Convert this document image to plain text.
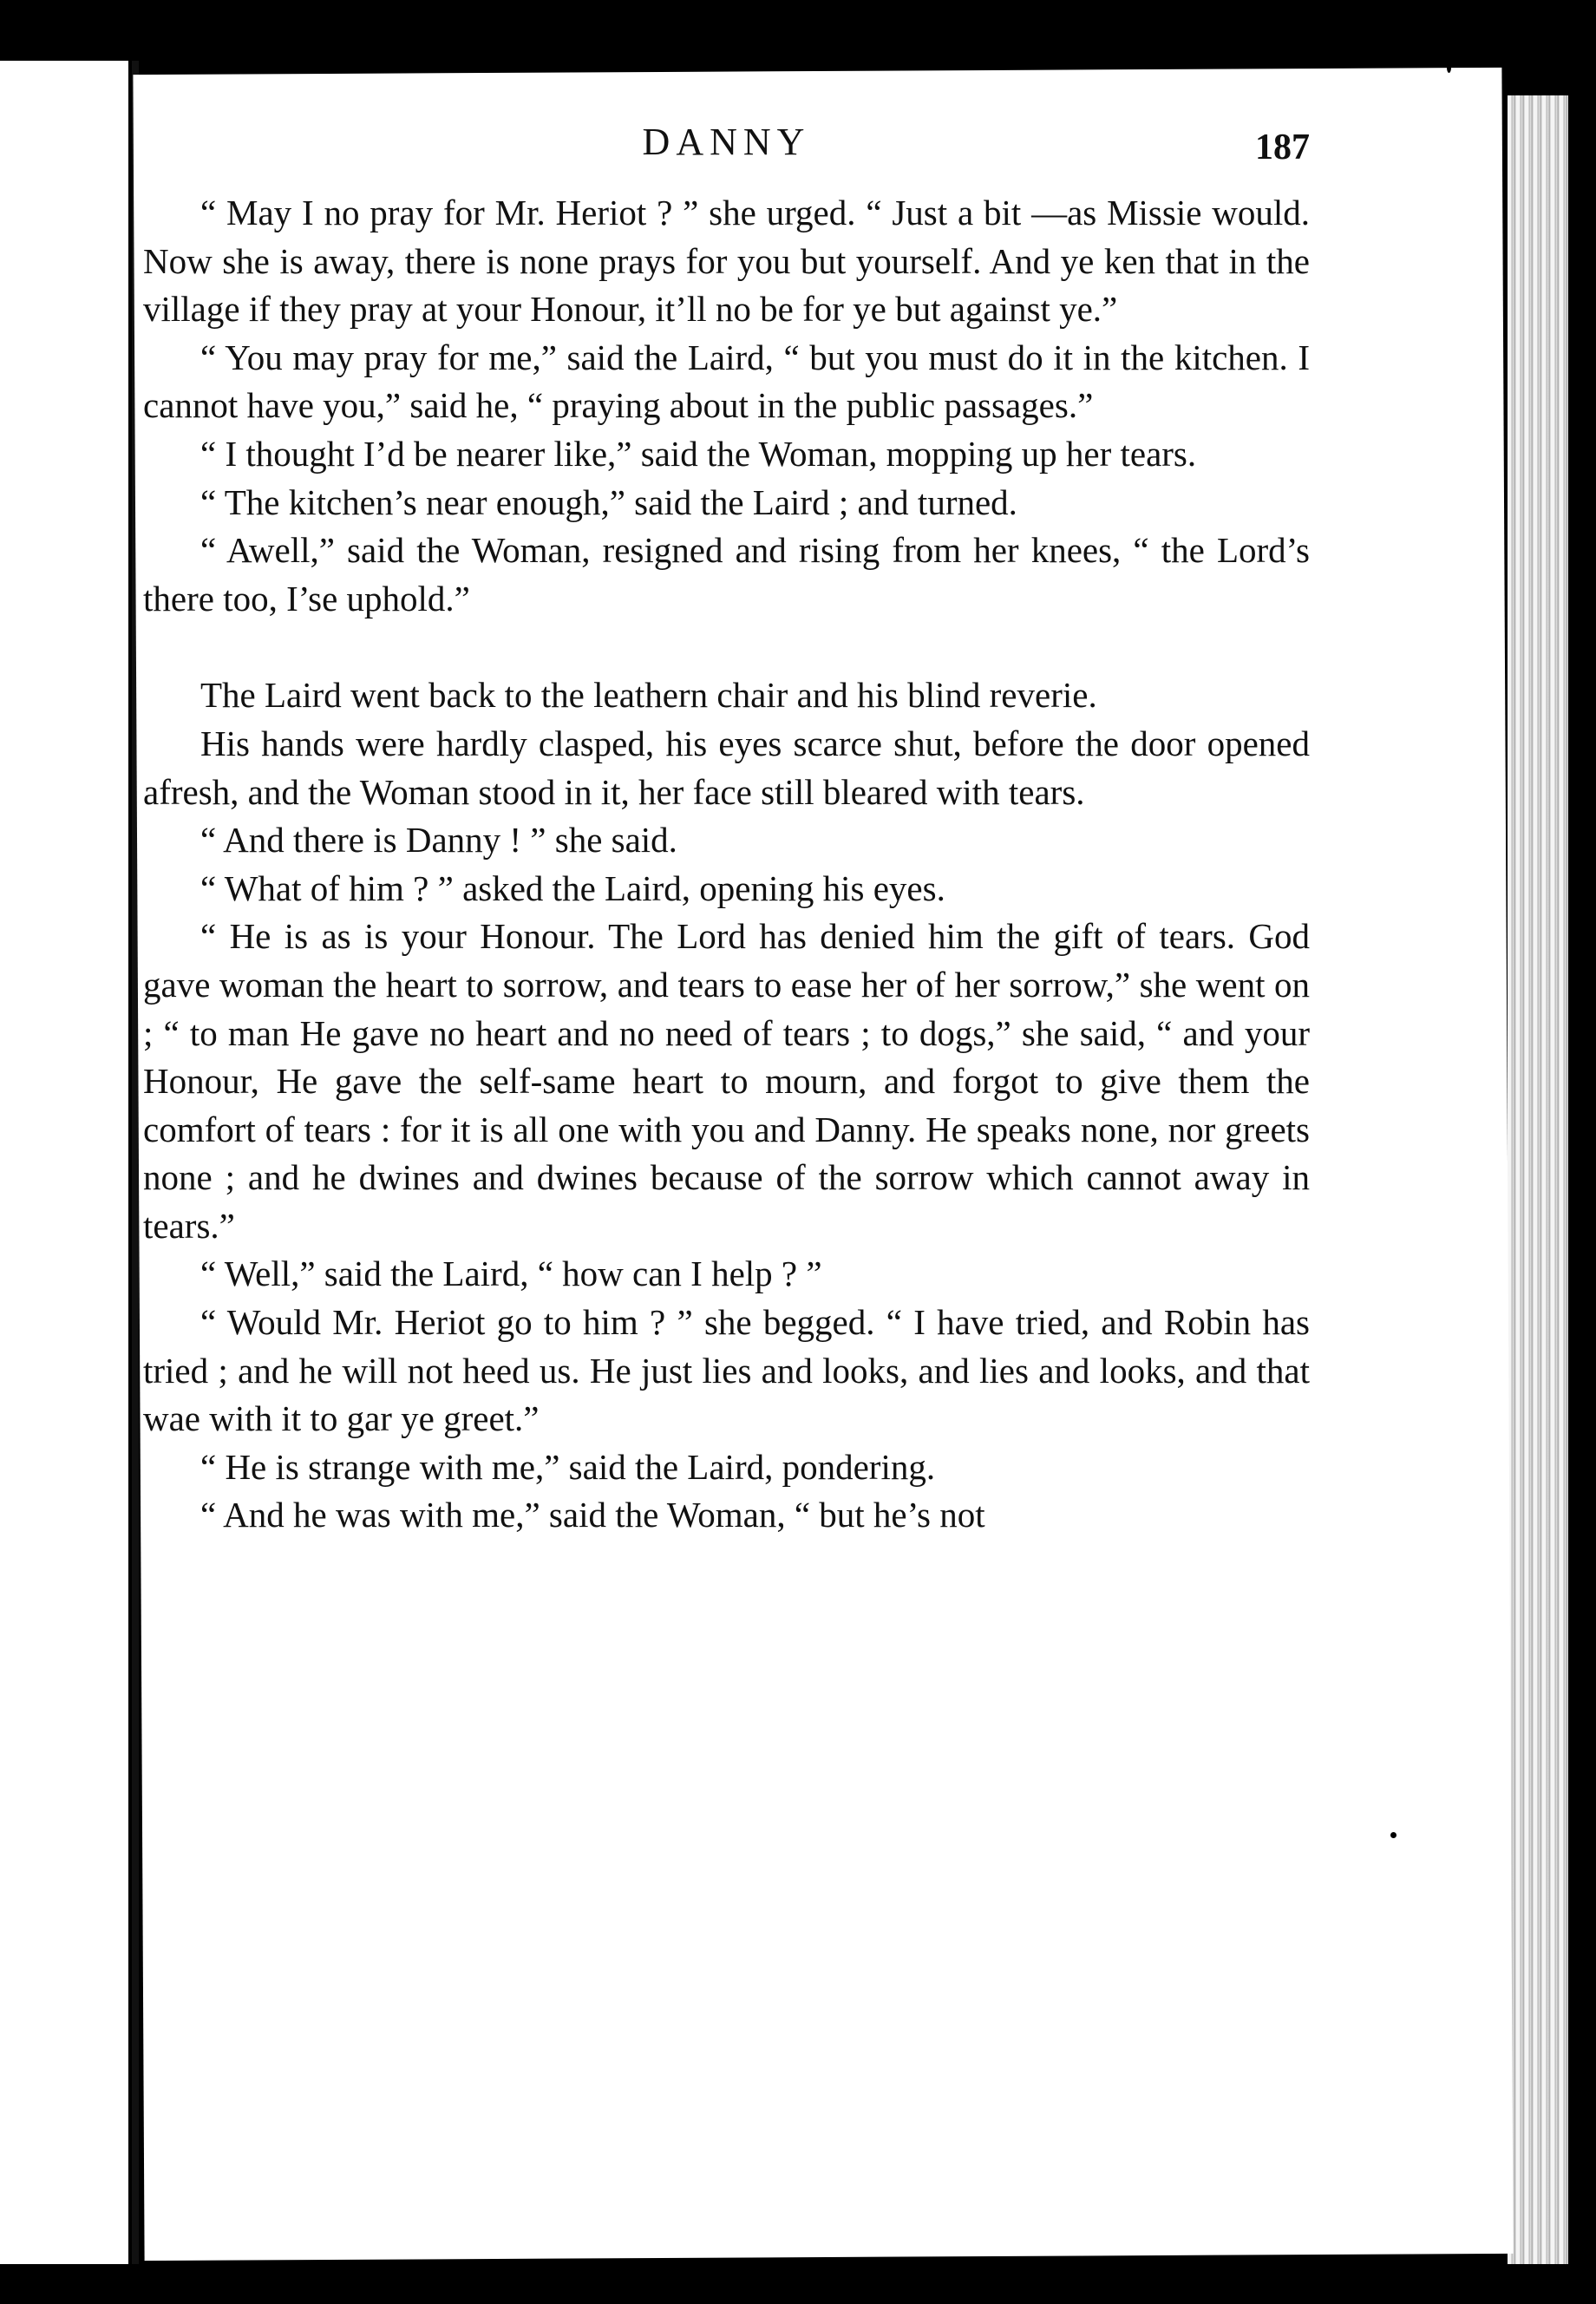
DANNY	187

“ May I no pray for Mr. Heriot ? ” she urged. “ Just a bit —as Missie would. Now she is away, there is none prays for you but yourself. And ye ken that in the village if they pray at your Honour, it’ll no be for ye but against ye.”

“ You may pray for me,” said the Laird, “ but you must do it in the kitchen. I cannot have you,” said he, “ praying about in the public passages.”

“ I thought I’d be nearer like,” said the Woman, mopping up her tears.

“ The kitchen’s near enough,” said the Laird ; and turned.

“ Awell,” said the Woman, resigned and rising from her knees, “ the Lord’s there too, I’se uphold.”

The Laird went back to the leathern chair and his blind reverie.

His hands were hardly clasped, his eyes scarce shut, before the door opened afresh, and the Woman stood in it, her face still bleared with tears.

“ And there is Danny ! ” she said.

“ What of him ? ” asked the Laird, opening his eyes.

“ He is as is your Honour. The Lord has denied him the gift of tears. God gave woman the heart to sorrow, and tears to ease her of her sorrow,” she went on ; “ to man He gave no heart and no need of tears ; to dogs,” she said, “ and your Honour, He gave the self-same heart to mourn, and forgot to give them the comfort of tears : for it is all one with you and Danny. He speaks none, nor greets none ; and he dwines and dwines because of the sorrow which cannot away in tears.”

“ Well,” said the Laird, “ how can I help ? ”

“ Would Mr. Heriot go to him ? ” she begged. “ I have tried, and Robin has tried ; and he will not heed us. He just lies and looks, and lies and looks, and that wae with it to gar ye greet.”

“ He is strange with me,” said the Laird, pondering.

“ And he was with me,” said the Woman, “ but he’s not
